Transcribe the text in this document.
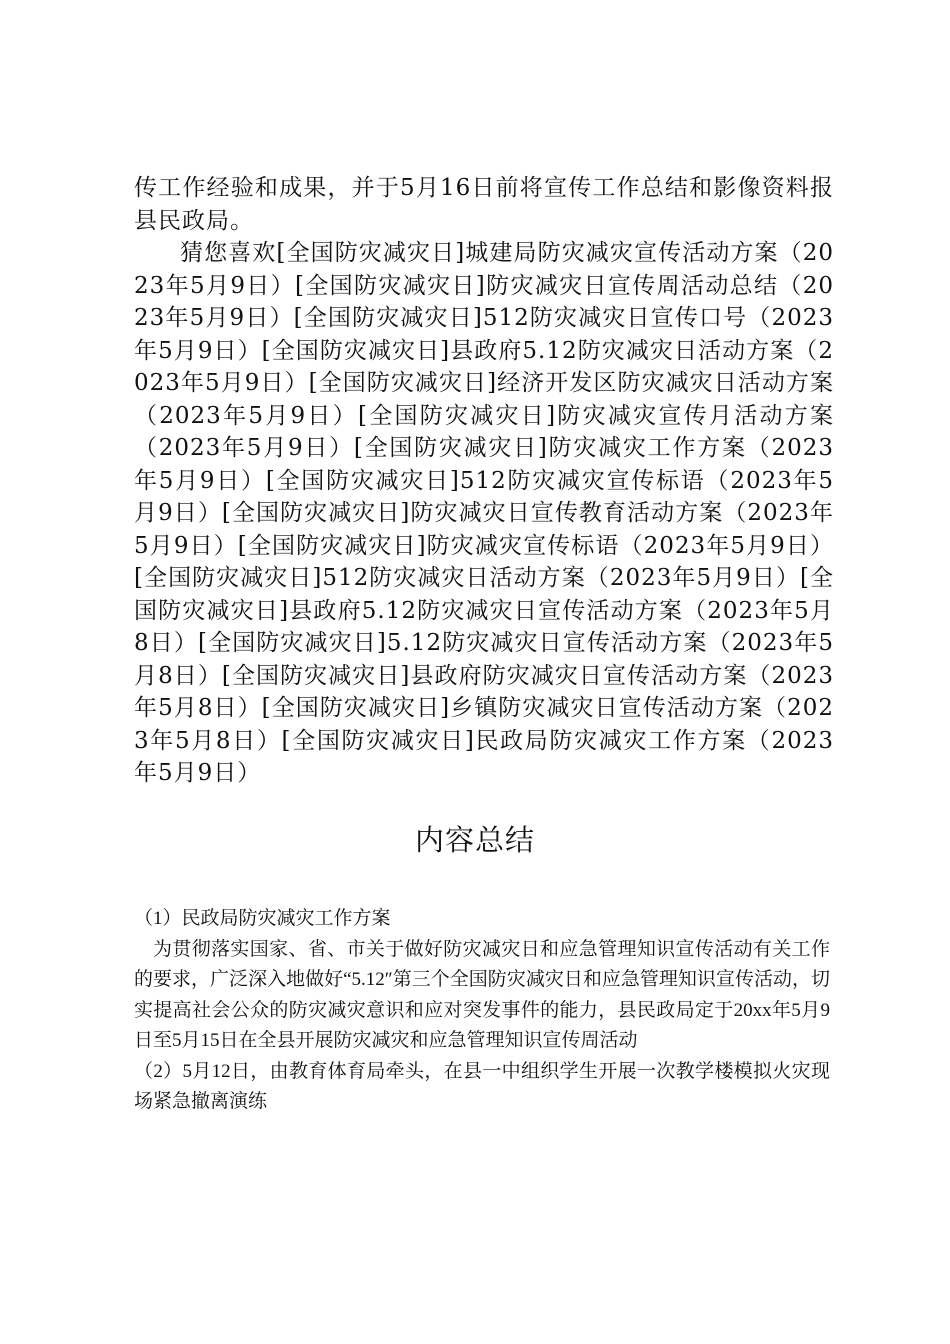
传工作经验和成果，并于5月16日前将宣传工作总结和影像资料报县民政局。

猜您喜欢[全国防灾减灾日]城建局防灾减灾宣传活动方案（2023年5月9日）[全国防灾减灾日]防灾减灾日宣传周活动总结（2023年5月9日）[全国防灾减灾日]512防灾减灾日宣传口号（2023年5月9日）[全国防灾减灾日]县政府5.12防灾减灾日活动方案（2023年5月9日）[全国防灾减灾日]经济开发区防灾减灾日活动方案（2023年5月9日）[全国防灾减灾日]防灾减灾宣传月活动方案（2023年5月9日）[全国防灾减灾日]防灾减灾工作方案（2023年5月9日）[全国防灾减灾日]512防灾减灾宣传标语（2023年5月9日）[全国防灾减灾日]防灾减灾日宣传教育活动方案（2023年5月9日）[全国防灾减灾日]防灾减灾宣传标语（2023年5月9日）[全国防灾减灾日]512防灾减灾日活动方案（2023年5月9日）[全国防灾减灾日]县政府5.12防灾减灾日宣传活动方案（2023年5月8日）[全国防灾减灾日]5.12防灾减灾日宣传活动方案（2023年5月8日）[全国防灾减灾日]县政府防灾减灾日宣传活动方案（2023年5月8日）[全国防灾减灾日]乡镇防灾减灾日宣传活动方案（2023年5月8日）[全国防灾减灾日]民政局防灾减灾工作方案（2023年5月9日）

内容总结

（1）民政局防灾减灾工作方案

为贯彻落实国家、省、市关于做好防灾减灾日和应急管理知识宣传活动有关工作的要求，广泛深入地做好“5.12″第三个全国防灾减灾日和应急管理知识宣传活动，切实提高社会公众的防灾减灾意识和应对突发事件的能力，县民政局定于20xx年5月9日至5月15日在全县开展防灾减灾和应急管理知识宣传周活动

（2）5月12日，由教育体育局牵头，在县一中组织学生开展一次教学楼模拟火灾现场紧急撤离演练
